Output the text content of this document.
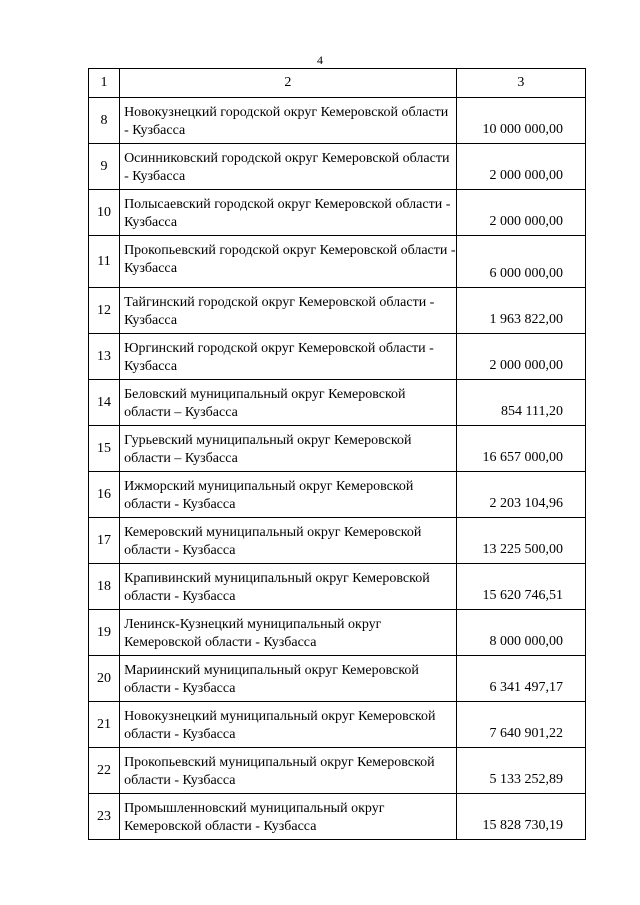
4
1	2	3
8	Новокузнецкий городской округ Кемеровской области - Кузбасса	10 000 000,00
9	Осинниковский городской округ Кемеровской области - Кузбасса	2 000 000,00
10	Полысаевский городской округ Кемеровской области - Кузбасса	2 000 000,00
11	Прокопьевский городской округ Кемеровской области - Кузбасса	6 000 000,00
12	Тайгинский городской округ Кемеровской области - Кузбасса	1 963 822,00
13	Юргинский городской округ Кемеровской области - Кузбасса	2 000 000,00
14	Беловский муниципальный округ Кемеровской области – Кузбасса	854 111,20
15	Гурьевский муниципальный округ Кемеровской области – Кузбасса	16 657 000,00
16	Ижморский муниципальный округ Кемеровской области - Кузбасса	2 203 104,96
17	Кемеровский муниципальный округ Кемеровской области - Кузбасса	13 225 500,00
18	Крапивинский муниципальный округ Кемеровской области - Кузбасса	15 620 746,51
19	Ленинск-Кузнецкий муниципальный округ Кемеровской области - Кузбасса	8 000 000,00
20	Мариинский муниципальный округ Кемеровской области - Кузбасса	6 341 497,17
21	Новокузнецкий муниципальный округ Кемеровской области - Кузбасса	7 640 901,22
22	Прокопьевский муниципальный округ Кемеровской области - Кузбасса	5 133 252,89
23	Промышленновский муниципальный округ Кемеровской области - Кузбасса	15 828 730,19
